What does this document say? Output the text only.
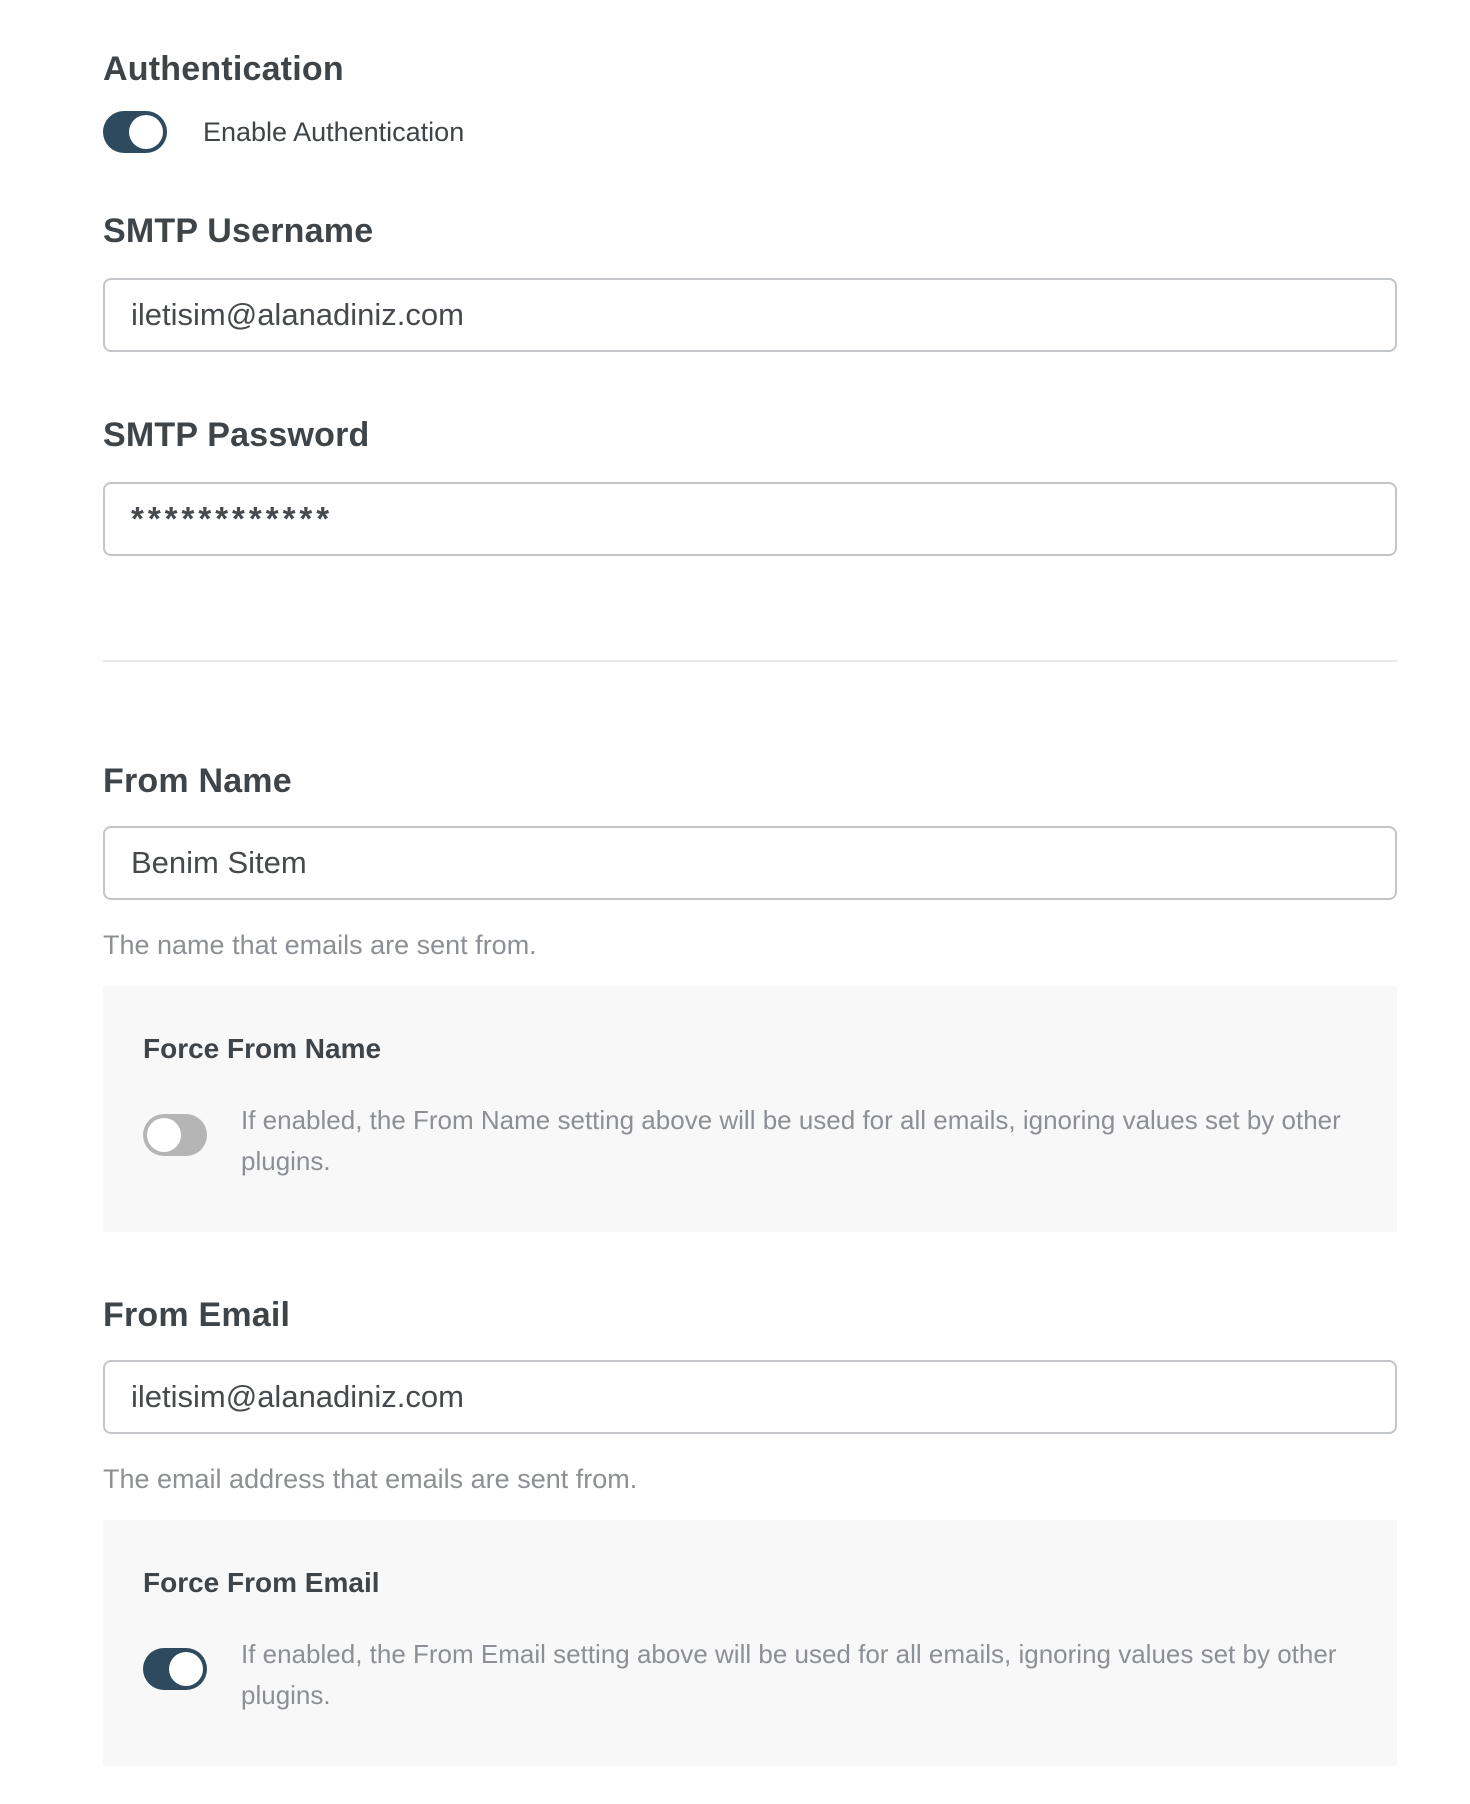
Authentication
Enable Authentication
SMTP Username
iletisim@alanadiniz.com
SMTP Password
************
From Name
Benim Sitem
The name that emails are sent from.
Force From Name
If enabled, the From Name setting above will be used for all emails, ignoring values set by other plugins.
From Email
iletisim@alanadiniz.com
The email address that emails are sent from.
Force From Email
If enabled, the From Email setting above will be used for all emails, ignoring values set by other plugins.
